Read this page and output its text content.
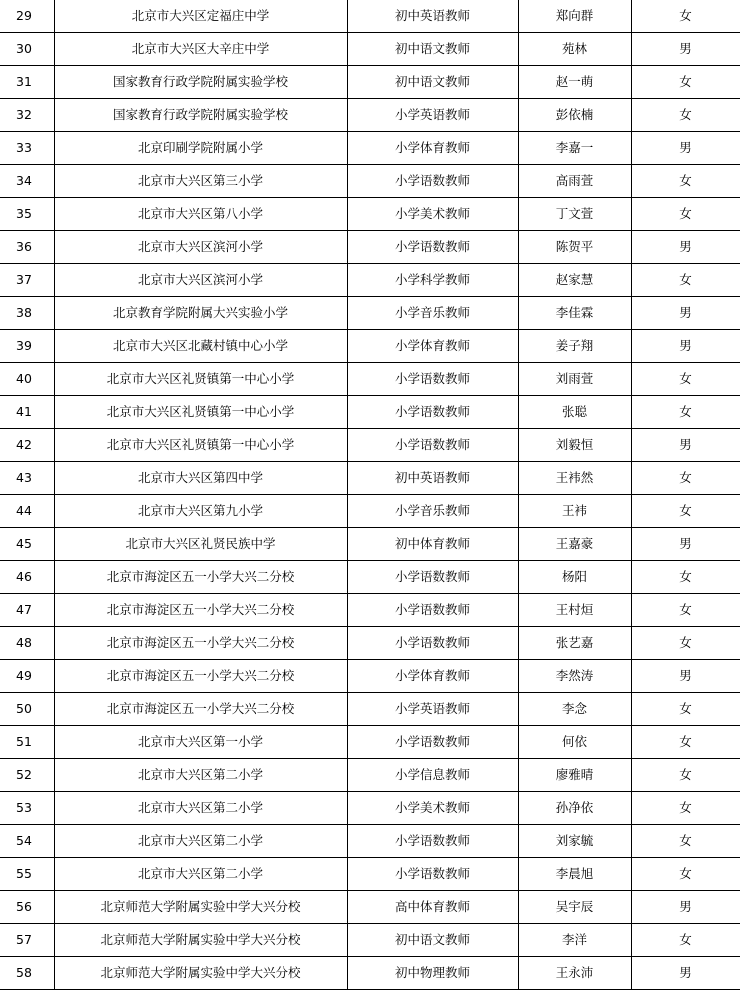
29	北京市大兴区定福庄中学	初中英语教师	郑向群	女
30	北京市大兴区大辛庄中学	初中语文教师	苑林	男
31	国家教育行政学院附属实验学校	初中语文教师	赵一萌	女
32	国家教育行政学院附属实验学校	小学英语教师	彭依楠	女
33	北京印刷学院附属小学	小学体育教师	李嘉一	男
34	北京市大兴区第三小学	小学语数教师	高雨萱	女
35	北京市大兴区第八小学	小学美术教师	丁文萱	女
36	北京市大兴区滨河小学	小学语数教师	陈贺平	男
37	北京市大兴区滨河小学	小学科学教师	赵家慧	女
38	北京教育学院附属大兴实验小学	小学音乐教师	李佳霖	男
39	北京市大兴区北藏村镇中心小学	小学体育教师	姜子翔	男
40	北京市大兴区礼贤镇第一中心小学	小学语数教师	刘雨萱	女
41	北京市大兴区礼贤镇第一中心小学	小学语数教师	张聪	女
42	北京市大兴区礼贤镇第一中心小学	小学语数教师	刘毅恒	男
43	北京市大兴区第四中学	初中英语教师	王袆然	女
44	北京市大兴区第九小学	小学音乐教师	王袆	女
45	北京市大兴区礼贤民族中学	初中体育教师	王嘉豪	男
46	北京市海淀区五一小学大兴二分校	小学语数教师	杨阳	女
47	北京市海淀区五一小学大兴二分校	小学语数教师	王村烜	女
48	北京市海淀区五一小学大兴二分校	小学语数教师	张艺嘉	女
49	北京市海淀区五一小学大兴二分校	小学体育教师	李然涛	男
50	北京市海淀区五一小学大兴二分校	小学英语教师	李念	女
51	北京市大兴区第一小学	小学语数教师	何依	女
52	北京市大兴区第二小学	小学信息教师	廖雅晴	女
53	北京市大兴区第二小学	小学美术教师	孙净依	女
54	北京市大兴区第二小学	小学语数教师	刘家毓	女
55	北京市大兴区第二小学	小学语数教师	李晨旭	女
56	北京师范大学附属实验中学大兴分校	高中体育教师	吴宇辰	男
57	北京师范大学附属实验中学大兴分校	初中语文教师	李洋	女
58	北京师范大学附属实验中学大兴分校	初中物理教师	王永沛	男
